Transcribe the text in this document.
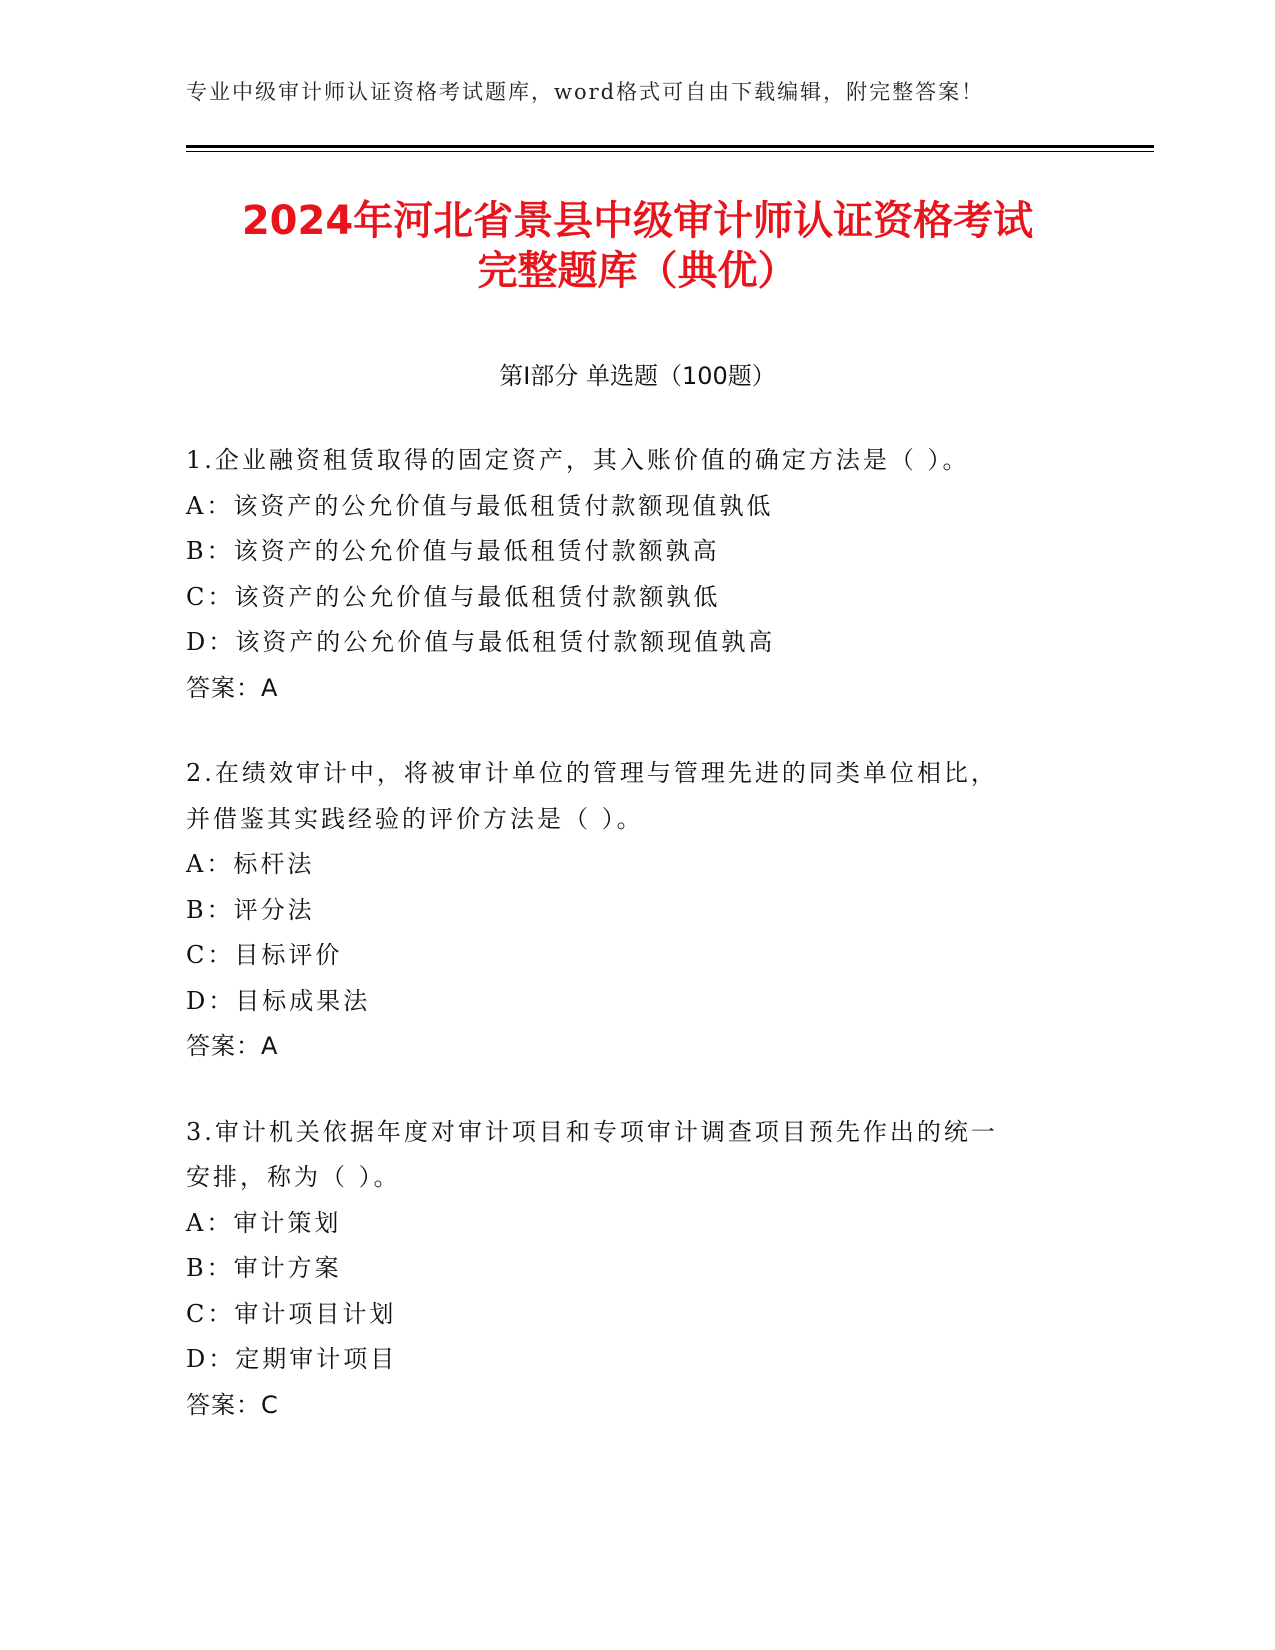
专业中级审计师认证资格考试题库，word格式可自由下载编辑，附完整答案！
2024年河北省景县中级审计师认证资格考试
完整题库（典优）
第Ⅰ部分 单选题（100题）
1.企业融资租赁取得的固定资产，其入账价值的确定方法是（ ）。
A：该资产的公允价值与最低租赁付款额现值孰低
B：该资产的公允价值与最低租赁付款额孰高
C：该资产的公允价值与最低租赁付款额孰低
D：该资产的公允价值与最低租赁付款额现值孰高
答案：A
2.在绩效审计中，将被审计单位的管理与管理先进的同类单位相比，
并借鉴其实践经验的评价方法是（ ）。
A：标杆法
B：评分法
C：目标评价
D：目标成果法
答案：A
3.审计机关依据年度对审计项目和专项审计调查项目预先作出的统一
安排，称为（ ）。
A：审计策划
B：审计方案
C：审计项目计划
D：定期审计项目
答案：C
